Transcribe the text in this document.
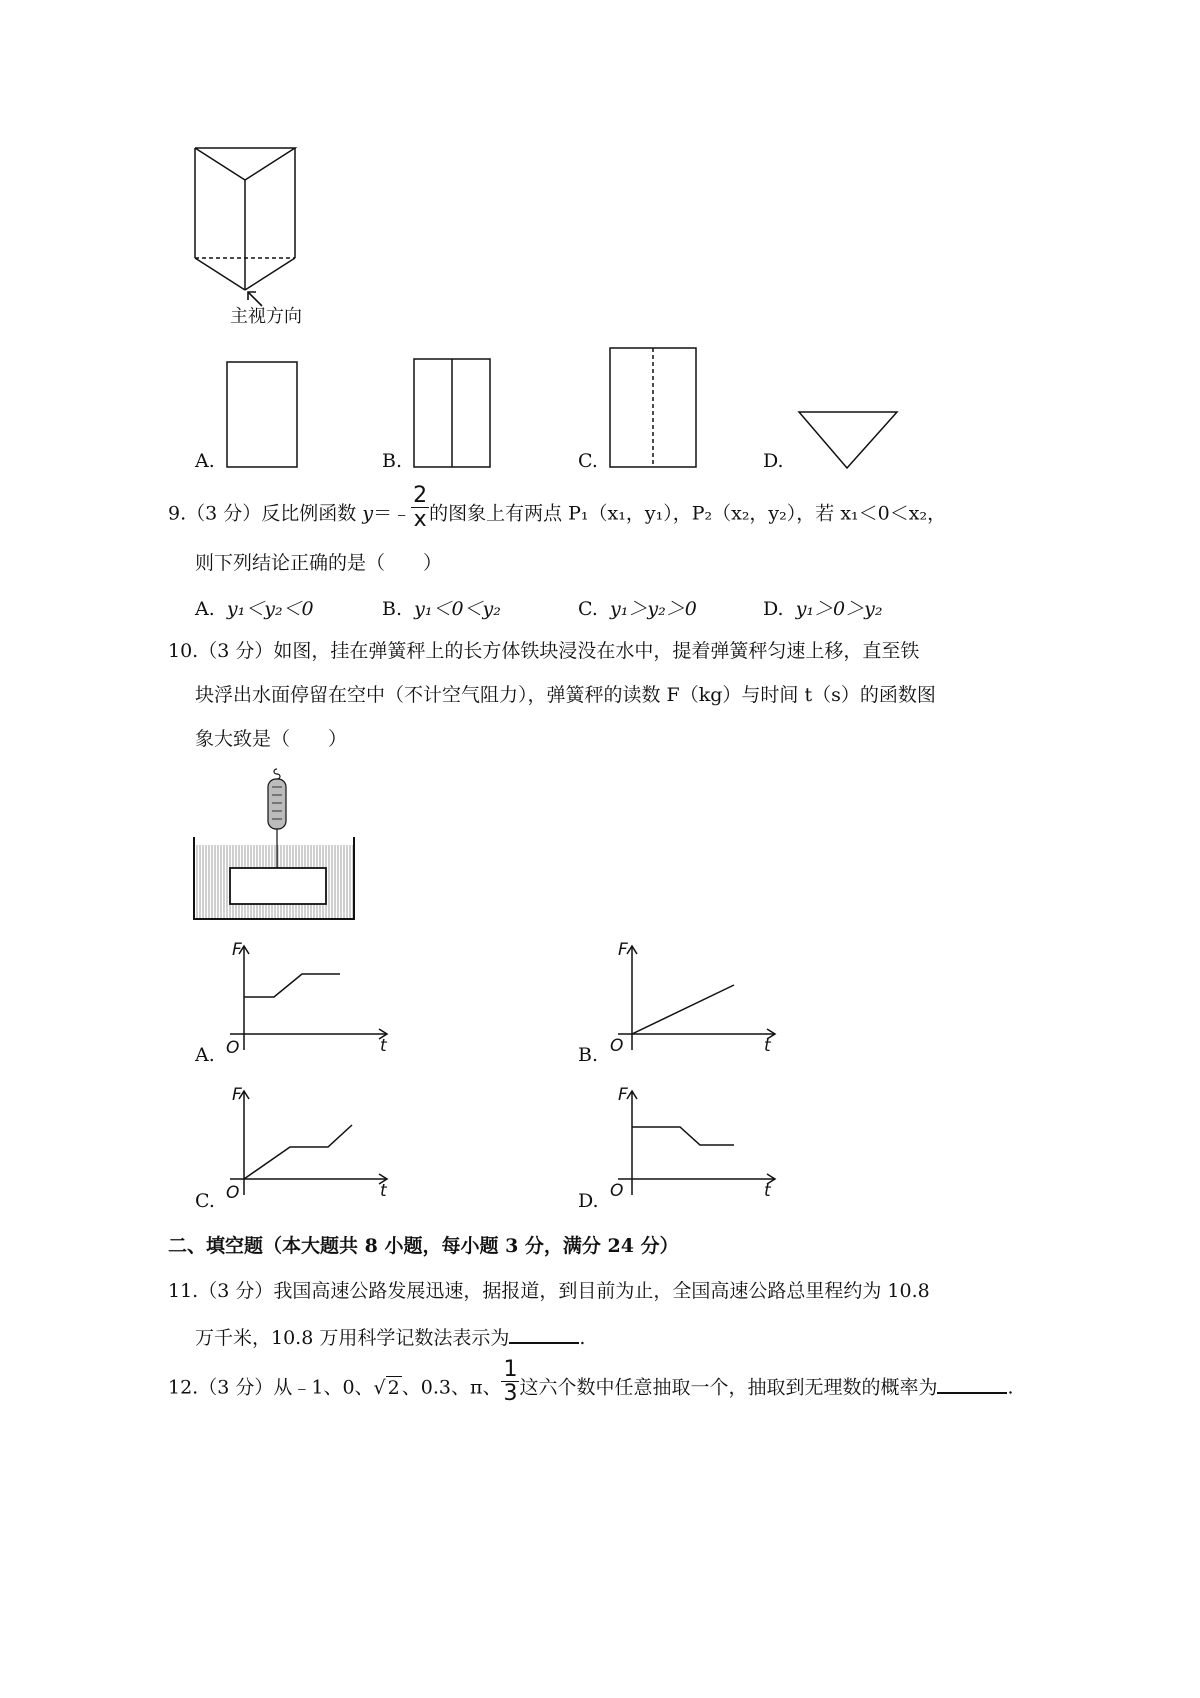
主视方向
A.	B.	C.	D.
9.（3 分）反比例函数 y＝﹣ $\frac{2}{x}$ 的图象上有两点 P₁（x₁，y₁），P₂（x₂，y₂），若 x₁＜0＜x₂，
则下列结论正确的是（　　）
A. y₁＜y₂＜0	B. y₁＜0＜y₂	C. y₁＞y₂＞0	D. y₁＞0＞y₂
10.（3 分）如图，挂在弹簧秤上的长方体铁块浸没在水中，提着弹簧秤匀速上移，直至铁
块浮出水面停留在空中（不计空气阻力），弹簧秤的读数 F（kg）与时间 t（s）的函数图
象大致是（　　）
F
t
O
A.
F
t
O
B.
F
t
O
C.
F
t
O
D.
二、填空题（本大题共 8 小题，每小题 3 分，满分 24 分）
11.（3 分）我国高速公路发展迅速，据报道，到目前为止，全国高速公路总里程约为 10.8
万千米，10.8 万用科学记数法表示为	.
12.（3 分）从﹣1、0、√ 2 、0.3、π、 $\frac{1}{3}$ 这六个数中任意抽取一个，抽取到无理数的概率为	.
